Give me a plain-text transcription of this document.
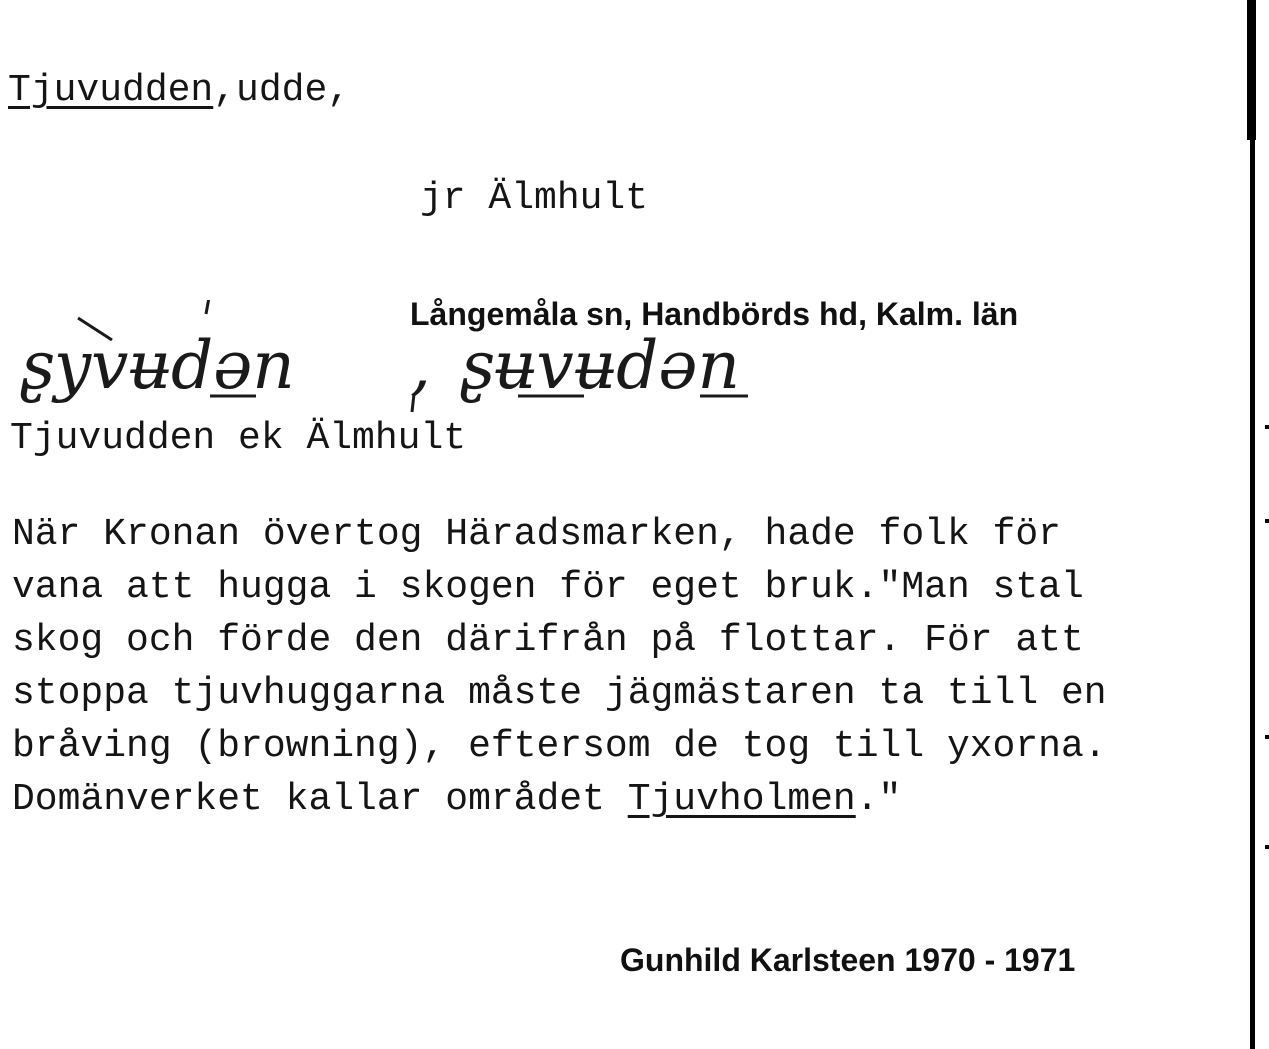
Tjuvudden,udde,
jr Älmhult
Långemåla sn, Handbörds hd, Kalm. län
ʂyvʉdən , ʂʉvʉdən
Tjuvudden ek Älmhult
När Kronan övertog Häradsmarken, hade folk för
vana att hugga i skogen för eget bruk."Man stal
skog och förde den därifrån på flottar. För att
stoppa tjuvhuggarna måste jägmästaren ta till en
bråving (browning), eftersom de tog till yxorna.
Domänverket kallar området Tjuvholmen."
Gunhild Karlsteen 1970 - 1971
